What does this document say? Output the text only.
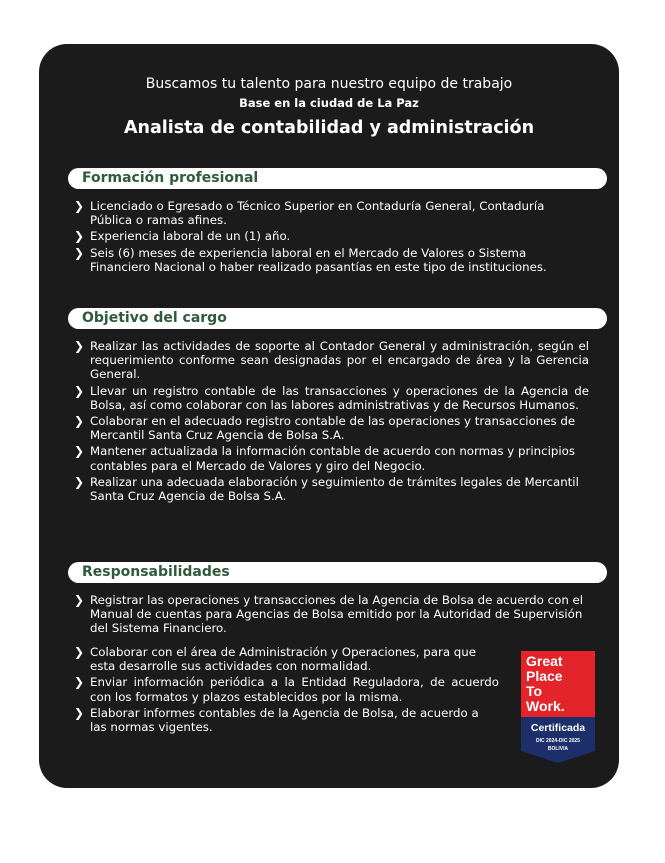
Buscamos tu talento para nuestro equipo de trabajo
Base en la ciudad de La Paz
Analista de contabilidad y administración
Formación profesional
❯ Licenciado o Egresado o Técnico Superior en Contaduría General, Contaduría Pública o ramas afines.
❯ Experiencia laboral de un (1) año.
❯ Seis (6) meses de experiencia laboral en el Mercado de Valores o Sistema Financiero Nacional o haber realizado pasantías en este tipo de instituciones.
Objetivo del cargo
❯ Realizar las actividades de soporte al Contador General y administración, según el requerimiento conforme sean designadas por el encargado de área y la Gerencia General.
❯ Llevar un registro contable de las transacciones y operaciones de la Agencia de Bolsa, así como colaborar con las labores administrativas y de Recursos Humanos.
❯ Colaborar en el adecuado registro contable de las operaciones y transacciones de Mercantil Santa Cruz Agencia de Bolsa S.A.
❯ Mantener actualizada la información contable de acuerdo con normas y principios contables para el Mercado de Valores y giro del Negocio.
❯ Realizar una adecuada elaboración y seguimiento de trámites legales de Mercantil Santa Cruz Agencia de Bolsa S.A.
Responsabilidades
❯ Registrar las operaciones y transacciones de la Agencia de Bolsa de acuerdo con el Manual de cuentas para Agencias de Bolsa emitido por la Autoridad de Supervisión del Sistema Financiero.
❯ Colaborar con el área de Administración y Operaciones, para que esta desarrolle sus actividades con normalidad.
❯ Enviar información periódica a la Entidad Reguladora, de acuerdo con los formatos y plazos establecidos por la misma.
❯ Elaborar informes contables de la Agencia de Bolsa, de acuerdo a las normas vigentes.
Great
Place
To
Work.
Certificada
DIC 2024-DIC 2025
BOLIVIA
